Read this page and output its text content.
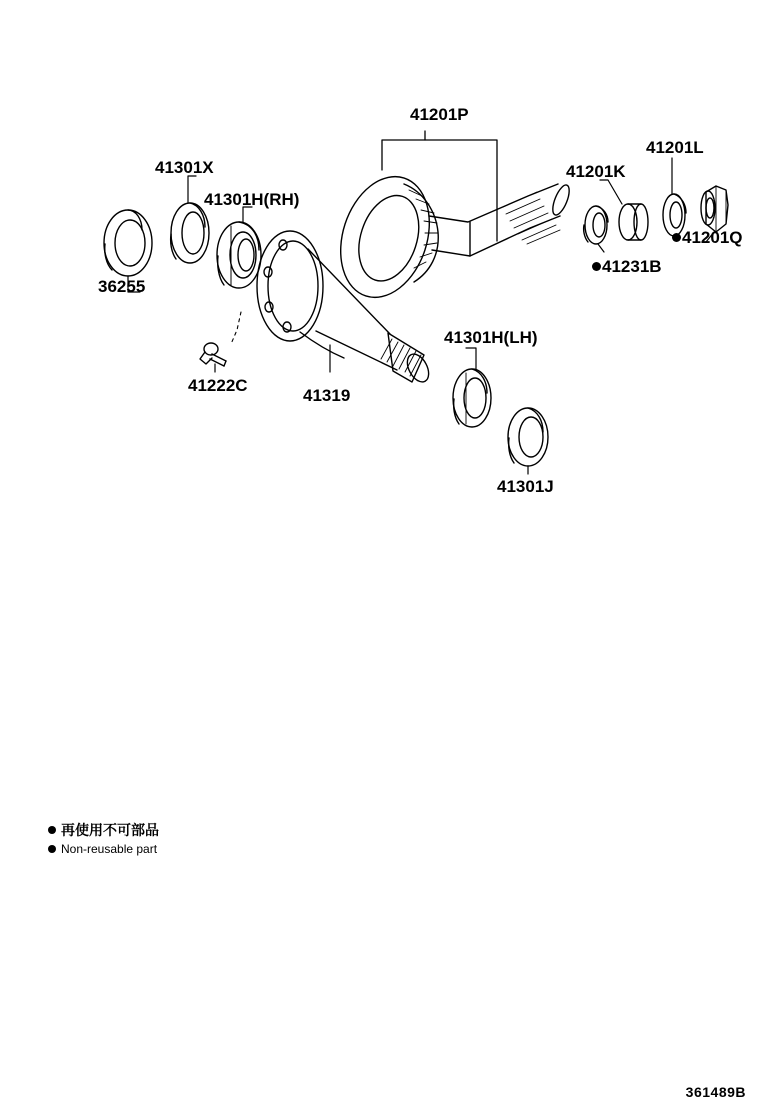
41201P
41301X
41201L
41201K
41301H(RH)
41201Q
41231B
36255
41301H(LH)
41222C
41319
41301J
再使用不可部品
Non-reusable part
361489B
